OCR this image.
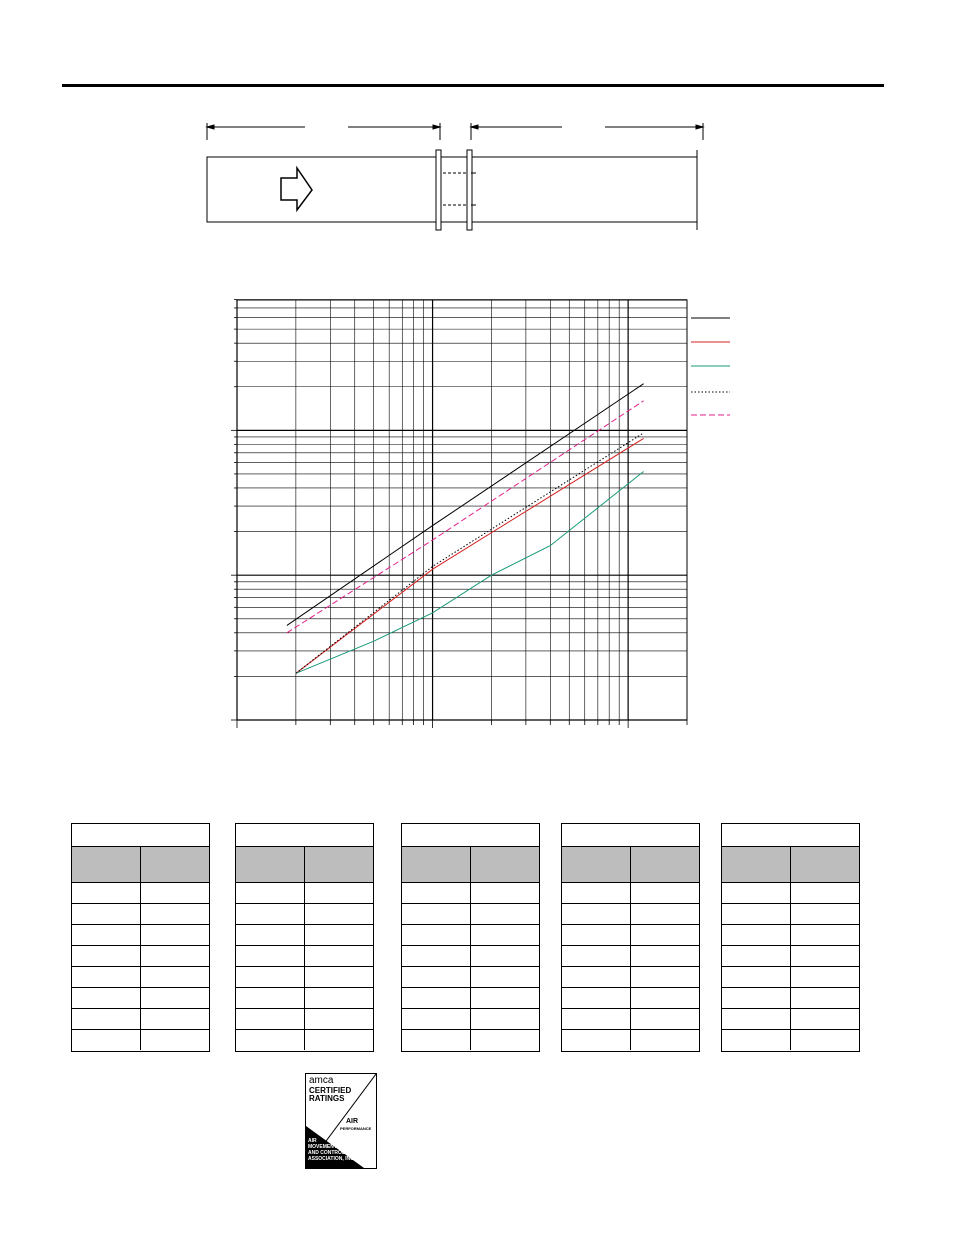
amca
CERTIFIED
RATINGS
AIR
PERFORMANCE
AIR
MOVEMENT
AND CONTROL
ASSOCIATION, INC.
